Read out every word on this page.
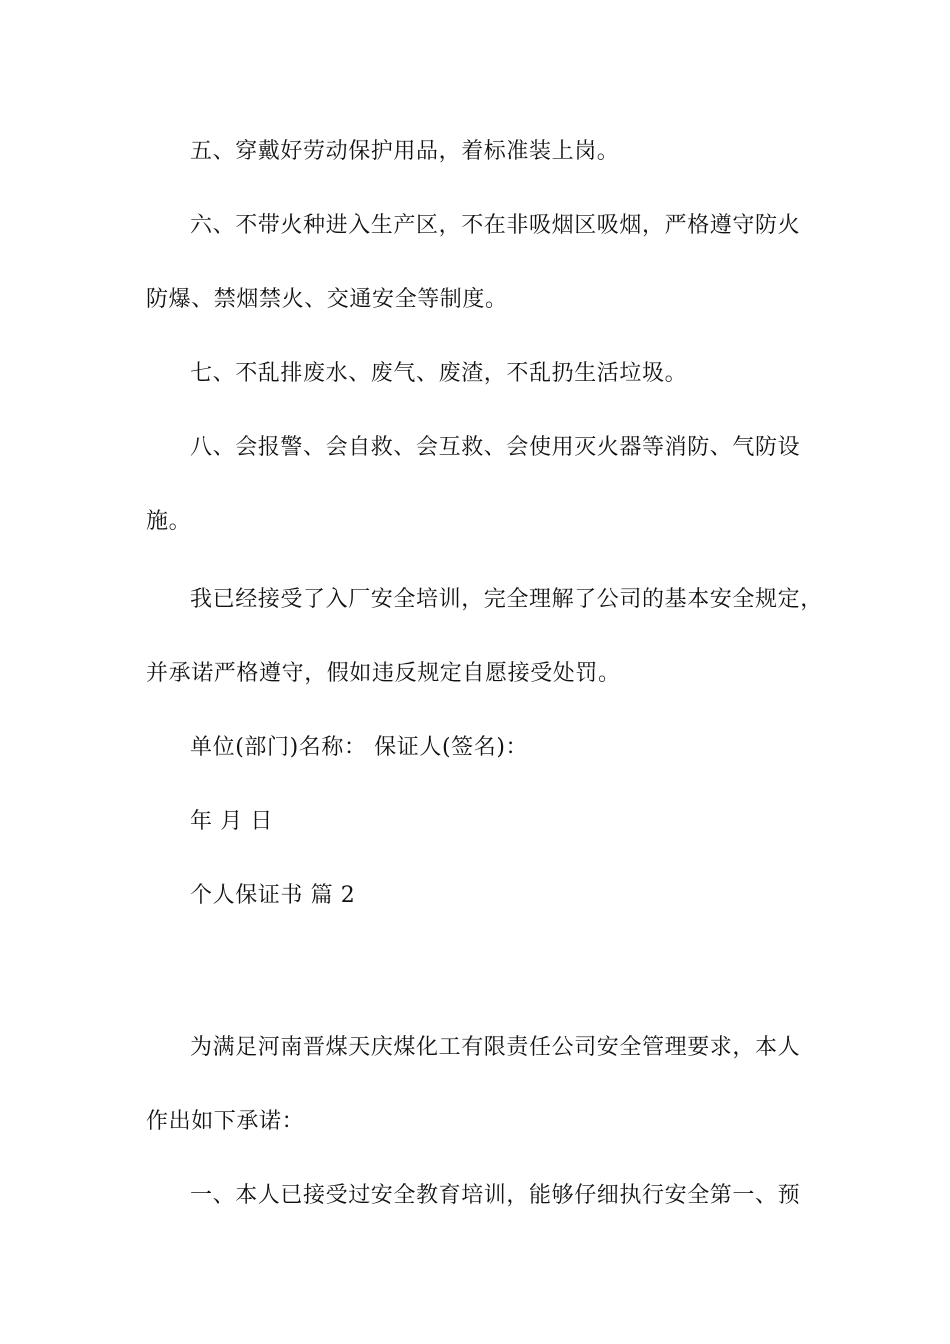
五、穿戴好劳动保护用品，着标准装上岗。
六、不带火种进入生产区，不在非吸烟区吸烟，严格遵守防火
防爆、禁烟禁火、交通安全等制度。
七、不乱排废水、废气、废渣，不乱扔生活垃圾。
八、会报警、会自救、会互救、会使用灭火器等消防、气防设
施。
我已经接受了入厂安全培训，完全理解了公司的基本安全规定，
并承诺严格遵守，假如违反规定自愿接受处罚。
单位(部门)名称： 保证人(签名)：
年 月 日
个人保证书 篇 2
为满足河南晋煤天庆煤化工有限责任公司安全管理要求，本人
作出如下承诺：
一、本人已接受过安全教育培训，能够仔细执行安全第一、预
